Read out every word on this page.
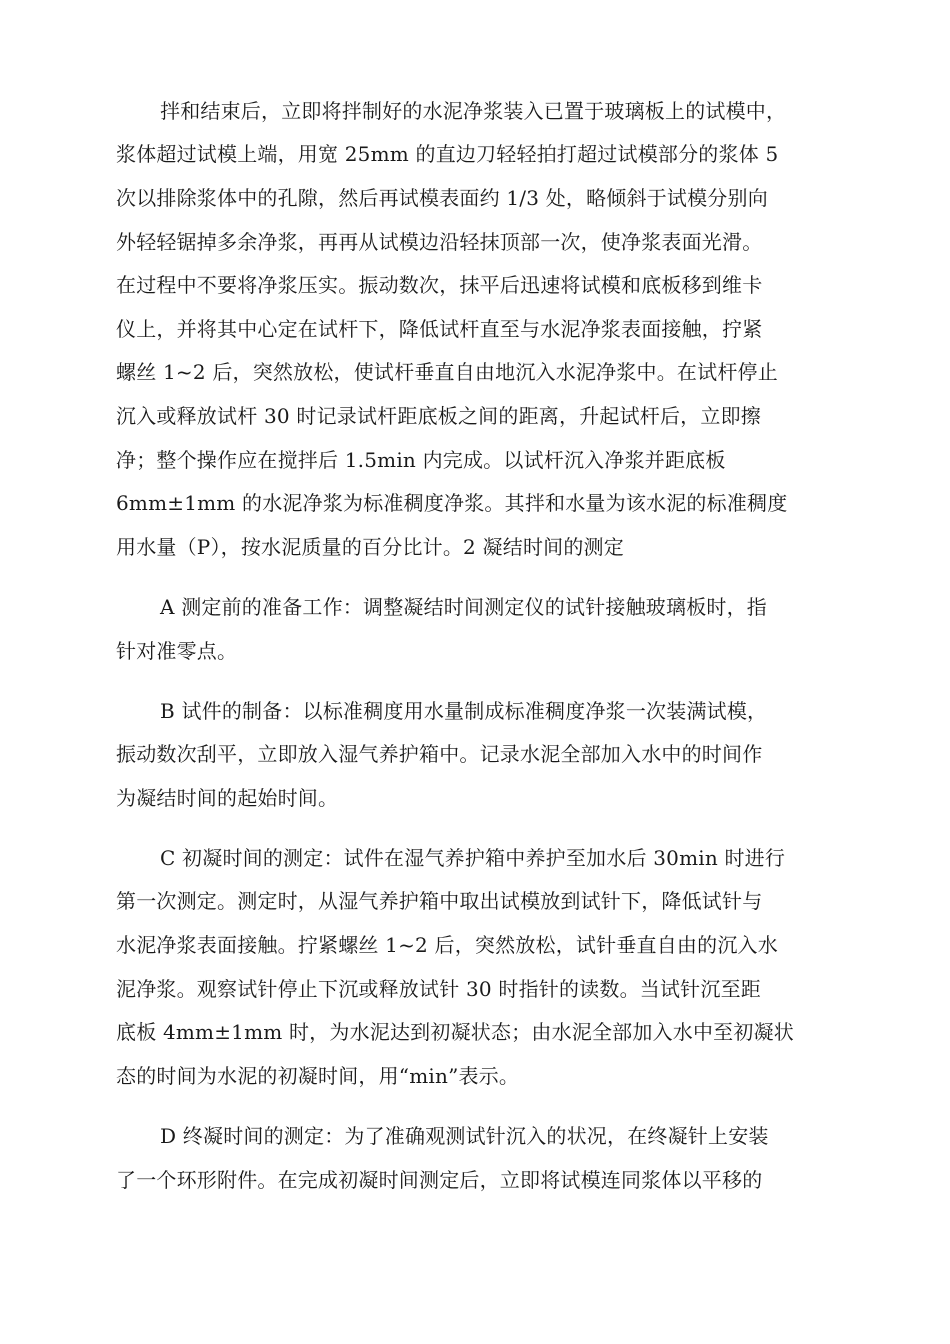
拌和结束后，立即将拌制好的水泥净浆装入已置于玻璃板上的试模中，
浆体超过试模上端，用宽 25mm 的直边刀轻轻拍打超过试模部分的浆体 5
次以排除浆体中的孔隙，然后再试模表面约 1/3 处，略倾斜于试模分别向
外轻轻锯掉多余净浆，再再从试模边沿轻抹顶部一次，使净浆表面光滑。
在过程中不要将净浆压实。振动数次，抹平后迅速将试模和底板移到维卡
仪上，并将其中心定在试杆下，降低试杆直至与水泥净浆表面接触，拧紧
螺丝 1~2 后，突然放松，使试杆垂直自由地沉入水泥净浆中。在试杆停止
沉入或释放试杆 30 时记录试杆距底板之间的距离，升起试杆后，立即擦
净；整个操作应在搅拌后 1.5min 内完成。以试杆沉入净浆并距底板
6mm±1mm 的水泥净浆为标准稠度净浆。其拌和水量为该水泥的标准稠度
用水量（P），按水泥质量的百分比计。2 凝结时间的测定
A 测定前的准备工作：调整凝结时间测定仪的试针接触玻璃板时，指
针对准零点。
B 试件的制备：以标准稠度用水量制成标准稠度净浆一次装满试模，
振动数次刮平，立即放入湿气养护箱中。记录水泥全部加入水中的时间作
为凝结时间的起始时间。
C 初凝时间的测定：试件在湿气养护箱中养护至加水后 30min 时进行
第一次测定。测定时，从湿气养护箱中取出试模放到试针下，降低试针与
水泥净浆表面接触。拧紧螺丝 1~2 后，突然放松，试针垂直自由的沉入水
泥净浆。观察试针停止下沉或释放试针 30 时指针的读数。当试针沉至距
底板 4mm±1mm 时，为水泥达到初凝状态；由水泥全部加入水中至初凝状
态的时间为水泥的初凝时间，用“min”表示。
D 终凝时间的测定：为了准确观测试针沉入的状况，在终凝针上安装
了一个环形附件。在完成初凝时间测定后，立即将试模连同浆体以平移的
